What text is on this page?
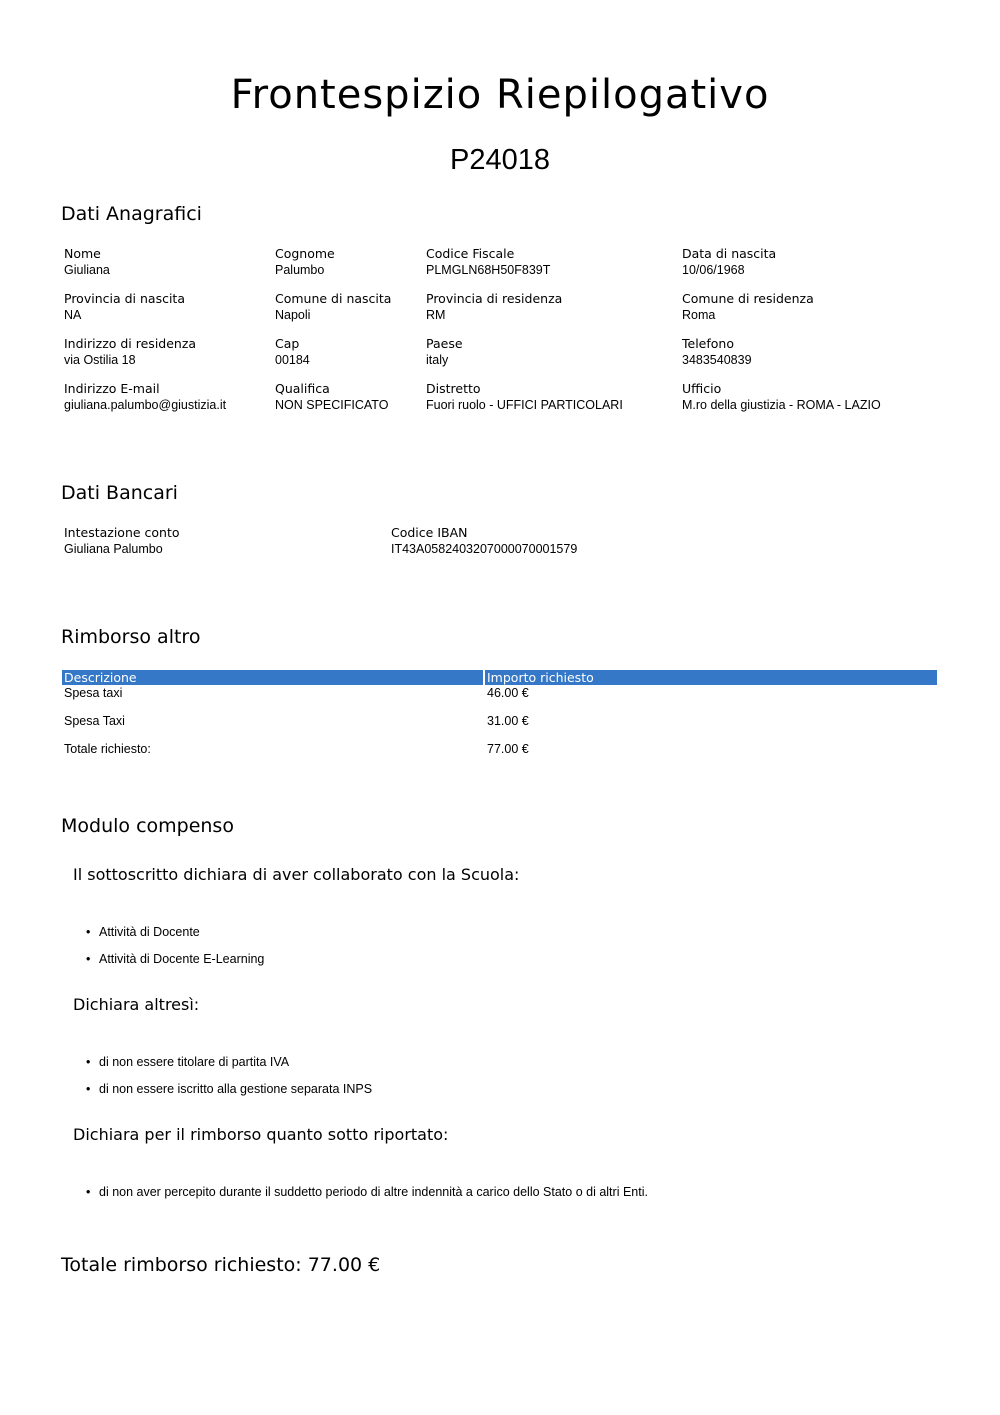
Frontespizio Riepilogativo
P24018
Dati Anagrafici
Nome
Giuliana
Cognome
Palumbo
Codice Fiscale
PLMGLN68H50F839T
Data di nascita
10/06/1968
Provincia di nascita
NA
Comune di nascita
Napoli
Provincia di residenza
RM
Comune di residenza
Roma
Indirizzo di residenza
via Ostilia 18
Cap
00184
Paese
italy
Telefono
3483540839
Indirizzo E-mail
giuliana.palumbo@giustizia.it
Qualifica
NON SPECIFICATO
Distretto
Fuori ruolo - UFFICI PARTICOLARI
Ufficio
M.ro della giustizia - ROMA - LAZIO
Dati Bancari
Intestazione conto
Giuliana Palumbo
Codice IBAN
IT43A0582403207000070001579
Rimborso altro
Descrizione	Importo richiesto
Spesa taxi	46.00 €
Spesa Taxi	31.00 €
Totale richiesto:	77.00 €
Modulo compenso
Il sottoscritto dichiara di aver collaborato con la Scuola:
• Attività di Docente
• Attività di Docente E-Learning
Dichiara altresì:
• di non essere titolare di partita IVA
• di non essere iscritto alla gestione separata INPS
Dichiara per il rimborso quanto sotto riportato:
• di non aver percepito durante il suddetto periodo di altre indennità a carico dello Stato o di altri Enti.
Totale rimborso richiesto: 77.00 €
